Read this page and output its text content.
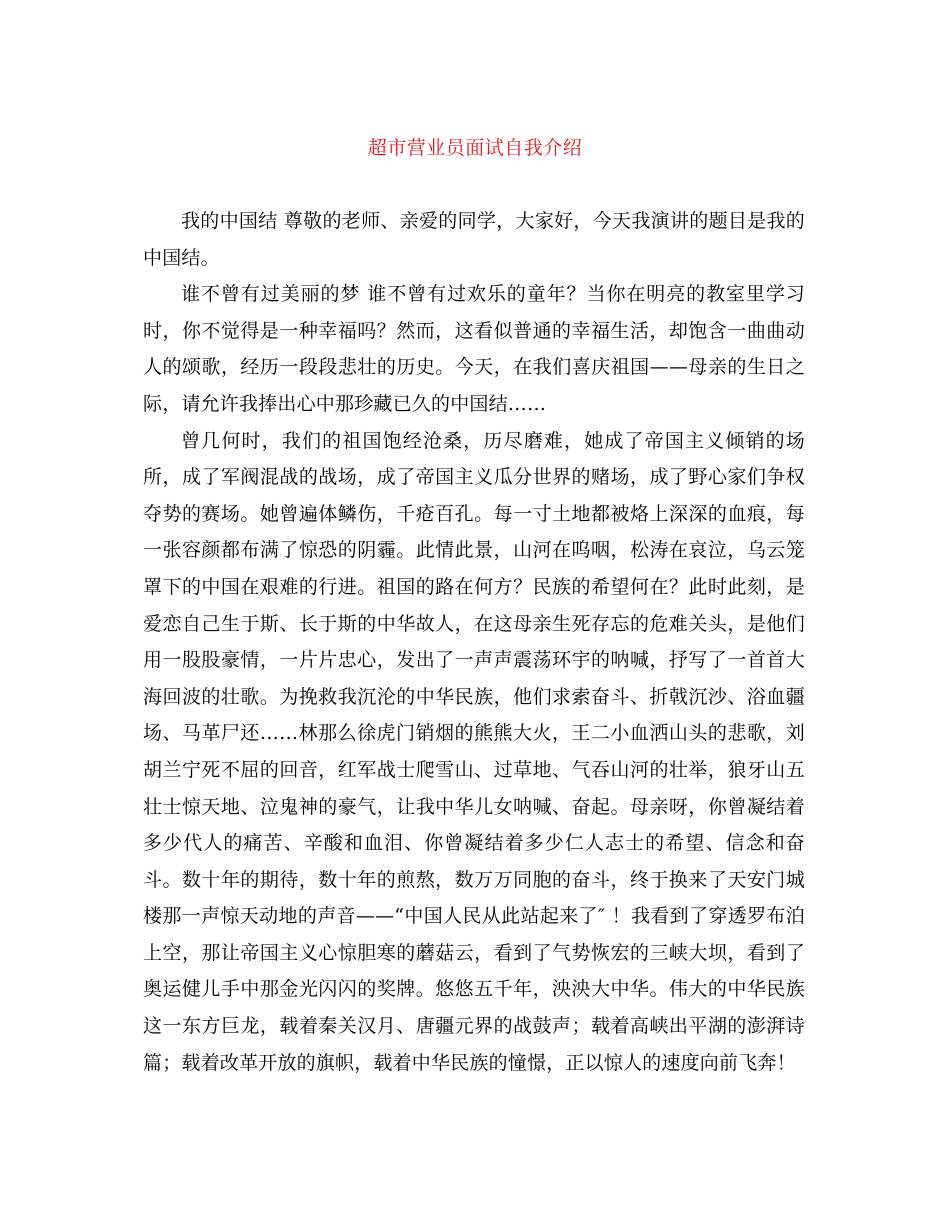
超市营业员面试自我介绍

我的中国结 尊敬的老师、亲爱的同学，大家好，今天我演讲的题目是我的中国结。

谁不曾有过美丽的梦 谁不曾有过欢乐的童年？当你在明亮的教室里学习时，你不觉得是一种幸福吗？然而，这看似普通的幸福生活，却饱含一曲曲动人的颂歌，经历一段段悲壮的历史。今天，在我们喜庆祖国——母亲的生日之际，请允许我捧出心中那珍藏已久的中国结……

曾几何时，我们的祖国饱经沧桑，历尽磨难，她成了帝国主义倾销的场所，成了军阀混战的战场，成了帝国主义瓜分世界的赌场，成了野心家们争权夺势的赛场。她曾遍体鳞伤，千疮百孔。每一寸土地都被烙上深深的血痕，每一张容颜都布满了惊恐的阴霾。此情此景，山河在呜咽，松涛在哀泣，乌云笼罩下的中国在艰难的行进。祖国的路在何方？民族的希望何在？此时此刻，是爱恋自己生于斯、长于斯的中华故人，在这母亲生死存忘的危难关头，是他们用一股股豪情，一片片忠心，发出了一声声震荡环宇的呐喊，抒写了一首首大海回波的壮歌。为挽救我沉沦的中华民族，他们求索奋斗、折戟沉沙、浴血疆场、马革尸还……林那么徐虎门销烟的熊熊大火，王二小血洒山头的悲歌，刘胡兰宁死不屈的回音，红军战士爬雪山、过草地、气吞山河的壮举，狼牙山五壮士惊天地、泣鬼神的豪气，让我中华儿女呐喊、奋起。母亲呀，你曾凝结着多少代人的痛苦、辛酸和血泪、你曾凝结着多少仁人志士的希望、信念和奋斗。数十年的期待，数十年的煎熬，数万万同胞的奋斗，终于换来了天安门城楼那一声惊天动地的声音——“中国人民从此站起来了″ ！我看到了穿透罗布泊上空，那让帝国主义心惊胆寒的蘑菇云，看到了气势恢宏的三峡大坝，看到了奥运健儿手中那金光闪闪的奖牌。悠悠五千年，泱泱大中华。伟大的中华民族这一东方巨龙，载着秦关汉月、唐疆元界的战鼓声；载着高峡出平湖的澎湃诗篇；载着改革开放的旗帜，载着中华民族的憧憬，正以惊人的速度向前飞奔！
